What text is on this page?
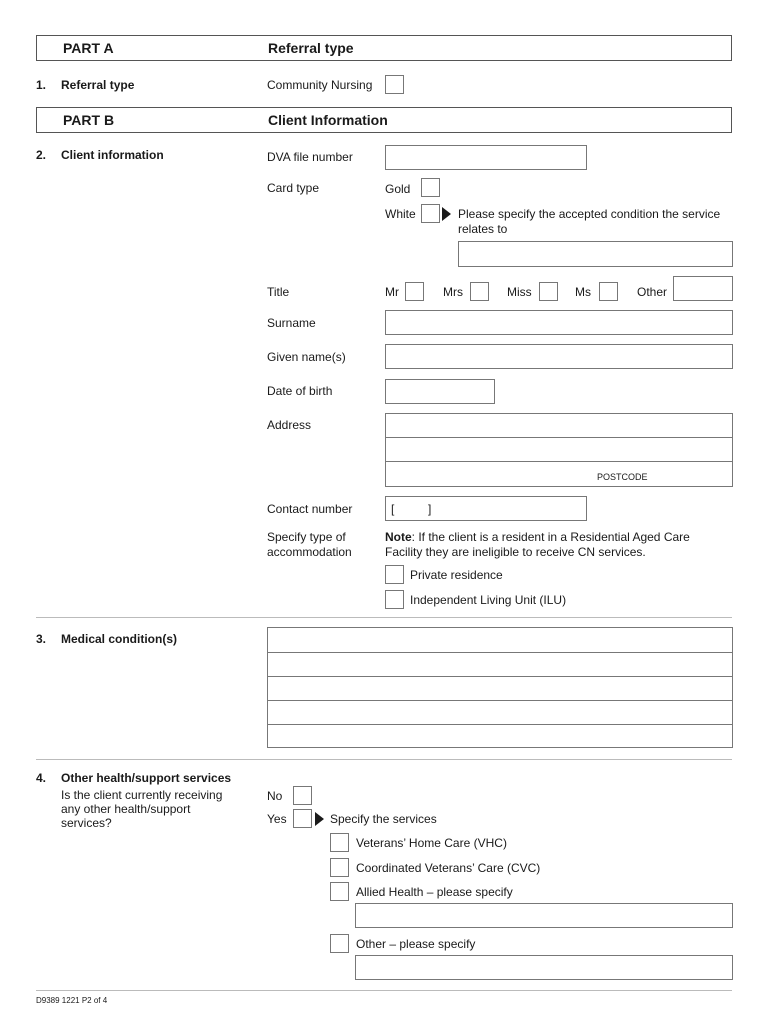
PART A	Referral type
1. Referral type	Community Nursing
PART B	Client Information
2. Client information	DVA file number
Card type	Gold
White	Please specify the accepted condition the service relates to
Title	Mr	Mrs	Miss	Ms	Other
Surname
Given name(s)
Date of birth
Address
POSTCODE
Contact number	[	]
Specify type of
accommodation
Note: If the client is a resident in a Residential Aged Care Facility they are ineligible to receive CN services.
Private residence
Independent Living Unit (ILU)
3. Medical condition(s)
4. Other health/support services
Is the client currently receiving any other health/support services?
No
Yes	Specify the services
Veterans’ Home Care (VHC)
Coordinated Veterans’ Care (CVC)
Allied Health – please specify
Other – please specify
D9389 1221 P2 of 4
